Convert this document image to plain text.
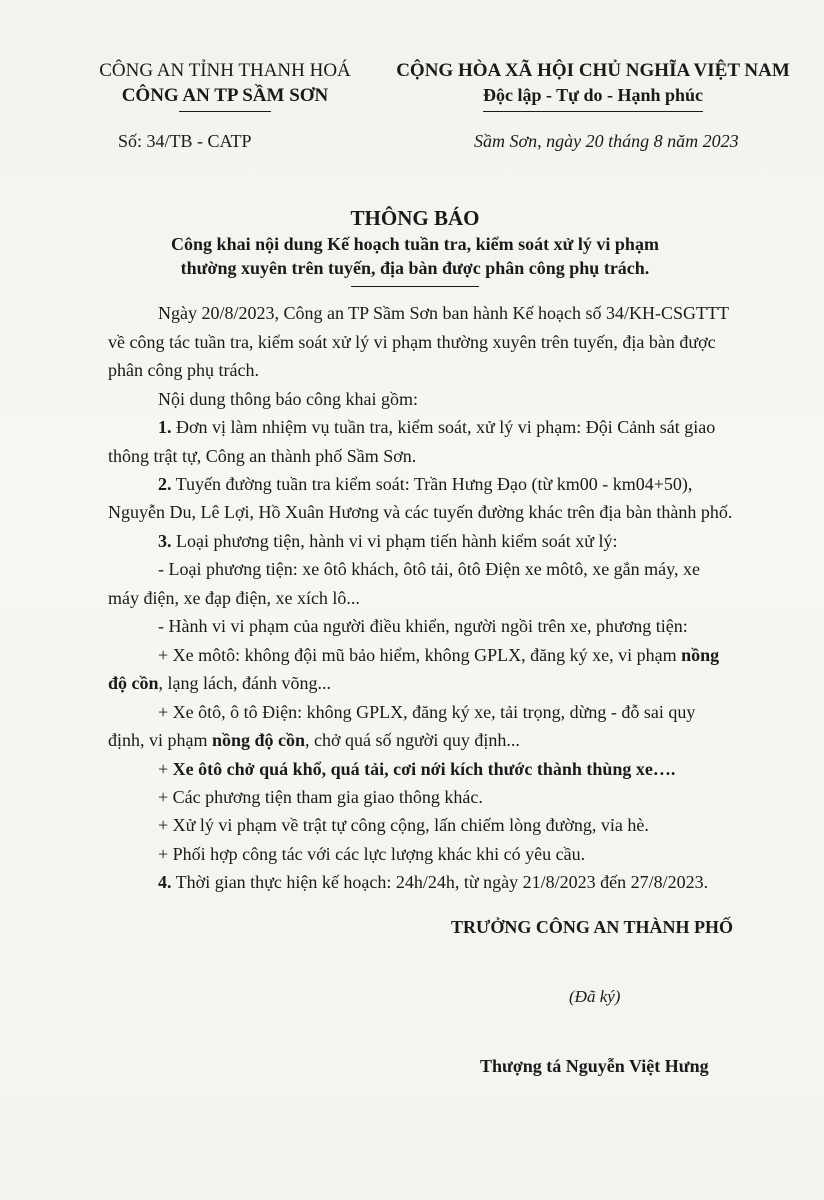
CÔNG AN TỈNH THANH HOÁ
CÔNG AN TP SẦM SƠN
CỘNG HÒA XÃ HỘI CHỦ NGHĨA VIỆT NAM
Độc lập - Tự do - Hạnh phúc
Số: 34/TB - CATP	Sầm Sơn, ngày 20 tháng 8 năm 2023
THÔNG BÁO
Công khai nội dung Kế hoạch tuần tra, kiểm soát xử lý vi phạm
thường xuyên trên tuyến, địa bàn được phân công phụ trách.
Ngày 20/8/2023, Công an TP Sầm Sơn ban hành Kế hoạch số 34/KH-CSGTTT
về công tác tuần tra, kiểm soát xử lý vi phạm thường xuyên trên tuyến, địa bàn được
phân công phụ trách.
Nội dung thông báo công khai gồm:
1. Đơn vị làm nhiệm vụ tuần tra, kiểm soát, xử lý vi phạm: Đội Cảnh sát giao
thông trật tự, Công an thành phố Sầm Sơn.
2. Tuyến đường tuần tra kiểm soát: Trần Hưng Đạo (từ km00 - km04+50),
Nguyễn Du, Lê Lợi, Hồ Xuân Hương và các tuyến đường khác trên địa bàn thành phố.
3. Loại phương tiện, hành vi vi phạm tiến hành kiểm soát xử lý:
- Loại phương tiện: xe ôtô khách, ôtô tải, ôtô Điện xe môtô, xe gắn máy, xe
máy điện, xe đạp điện, xe xích lô...
- Hành vi vi phạm của người điều khiển, người ngồi trên xe, phương tiện:
+ Xe môtô: không đội mũ bảo hiểm, không GPLX, đăng ký xe, vi phạm nồng
độ cồn, lạng lách, đánh võng...
+ Xe ôtô, ô tô Điện: không GPLX, đăng ký xe, tải trọng, dừng - đỗ sai quy
định, vi phạm nồng độ cồn, chở quá số người quy định...
+ Xe ôtô chở quá khổ, quá tải, cơi nới kích thước thành thùng xe….
+ Các phương tiện tham gia giao thông khác.
+ Xử lý vi phạm về trật tự công cộng, lấn chiếm lòng đường, vỉa hè.
+ Phối hợp công tác với các lực lượng khác khi có yêu cầu.
4. Thời gian thực hiện kế hoạch: 24h/24h, từ ngày 21/8/2023 đến 27/8/2023.
TRƯỞNG CÔNG AN THÀNH PHỐ
(Đã ký)
Thượng tá Nguyễn Việt Hưng
